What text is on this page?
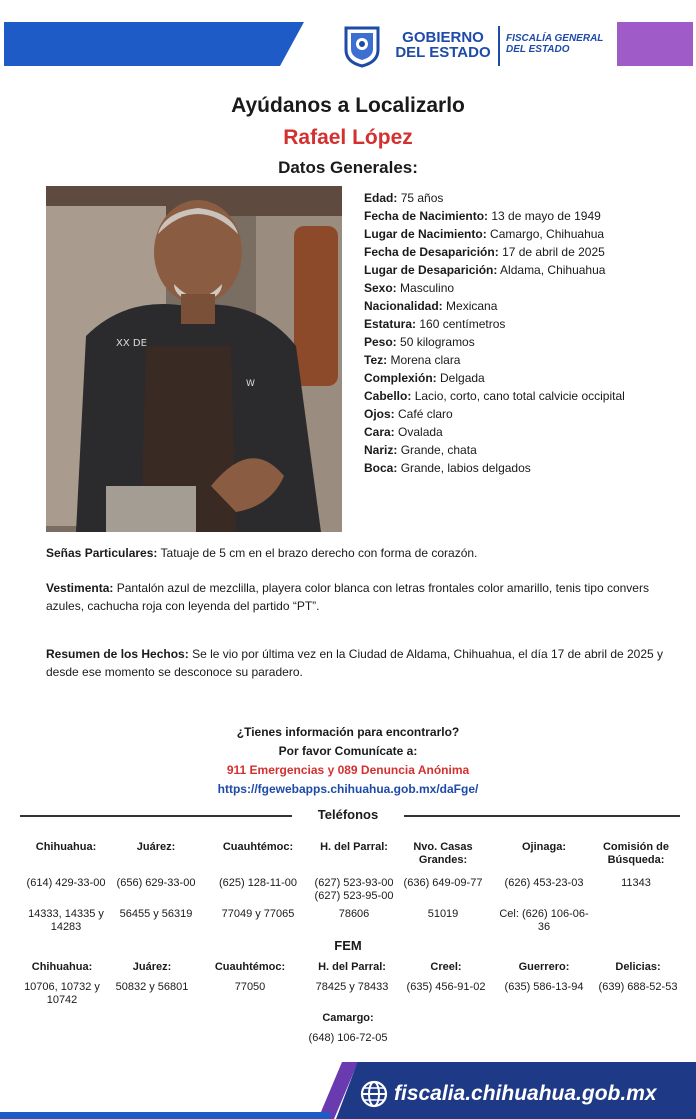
GOBIERNO
DEL ESTADO
FISCALÍA GENERAL
DEL ESTADO
Ayúdanos a Localizarlo
Rafael López
Datos Generales:
XX DE
W
Edad: 75 años
Fecha de Nacimiento: 13 de mayo de 1949
Lugar de Nacimiento: Camargo, Chihuahua
Fecha de Desaparición: 17 de abril de 2025
Lugar de Desaparición: Aldama, Chihuahua
Sexo: Masculino
Nacionalidad: Mexicana
Estatura: 160 centímetros
Peso: 50 kilogramos
Tez: Morena clara
Complexión: Delgada
Cabello: Lacio, corto, cano total calvicie occipital
Ojos: Café claro
Cara: Ovalada
Nariz: Grande, chata
Boca: Grande, labios delgados
Señas Particulares: Tatuaje de 5 cm en el brazo derecho con forma de corazón.
Vestimenta: Pantalón azul de mezclilla, playera color blanca con letras frontales color amarillo, tenis tipo convers azules, cachucha roja con leyenda del partido “PT”.
Resumen de los Hechos: Se le vio por última vez en la Ciudad de Aldama, Chihuahua, el día 17 de abril de 2025 y desde ese momento se desconoce su paradero.
¿Tienes información para encontrarlo?
Por favor Comunícate a:
911 Emergencias y 089 Denuncia Anónima
https://fgewebapps.chihuahua.gob.mx/daFge/
Teléfonos
Chihuahua:
(614) 429-33-00
14333, 14335 y 14283
Juárez:
(656) 629-33-00
56455 y 56319
Cuauhtémoc:
(625) 128-11-00
77049 y 77065
H. del Parral:
(627) 523-93-00 (627) 523-95-00
78606
Nvo. Casas Grandes:
(636) 649-09-77
51019
Ojinaga:
(626) 453-23-03
Cel: (626) 106-06-36
Comisión de Búsqueda:
11343
FEM
Chihuahua:
10706, 10732 y 10742
Juárez:
50832 y 56801
Cuauhtémoc:
77050
H. del Parral:
78425 y 78433
Creel:
(635) 456-91-02
Guerrero:
(635) 586-13-94
Delicias:
(639) 688-52-53
Camargo:
(648) 106-72-05
fiscalia.chihuahua.gob.mx
